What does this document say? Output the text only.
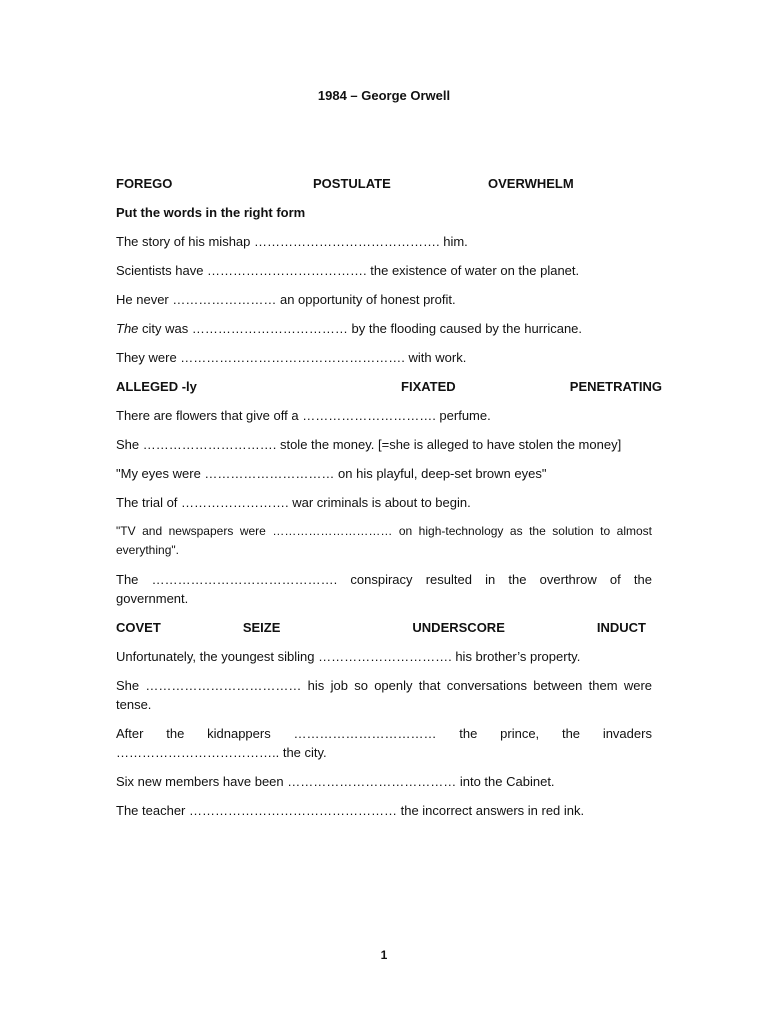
1984 – George Orwell
FOREGO	POSTULATE	OVERWHELM
Put the words in the right form
The story of his mishap ……………………………………. him.
Scientists have ………………………………. the existence of water on the planet.
He never …………………… an opportunity of honest profit.
The city was ……………………………… by the flooding caused by the hurricane.
They were ……………………………………………. with work.
ALLEGED -ly	FIXATED	PENETRATING
There are flowers that give off a …………………………. perfume.
She …………………………. stole the money. [=she is alleged to have stolen the money]
"My eyes were ………………………… on his playful, deep-set brown eyes"
The trial of ……………………. war criminals is about to begin.
"TV and newspapers were ………………………… on high-technology as the solution to almost everything".
The ……………………………………. conspiracy resulted in the overthrow of the
government.
COVET	SEIZE	UNDERSCORE	INDUCT
Unfortunately, the youngest sibling …………………………. his brother’s property.
She ……………………………… his job so openly that conversations between them were tense.
After the kidnappers …………………………… the prince, the invaders
……………………………….. the city.
Six new members have been ………………………………… into the Cabinet.
The teacher ………………………………………… the incorrect answers in red ink.
1
